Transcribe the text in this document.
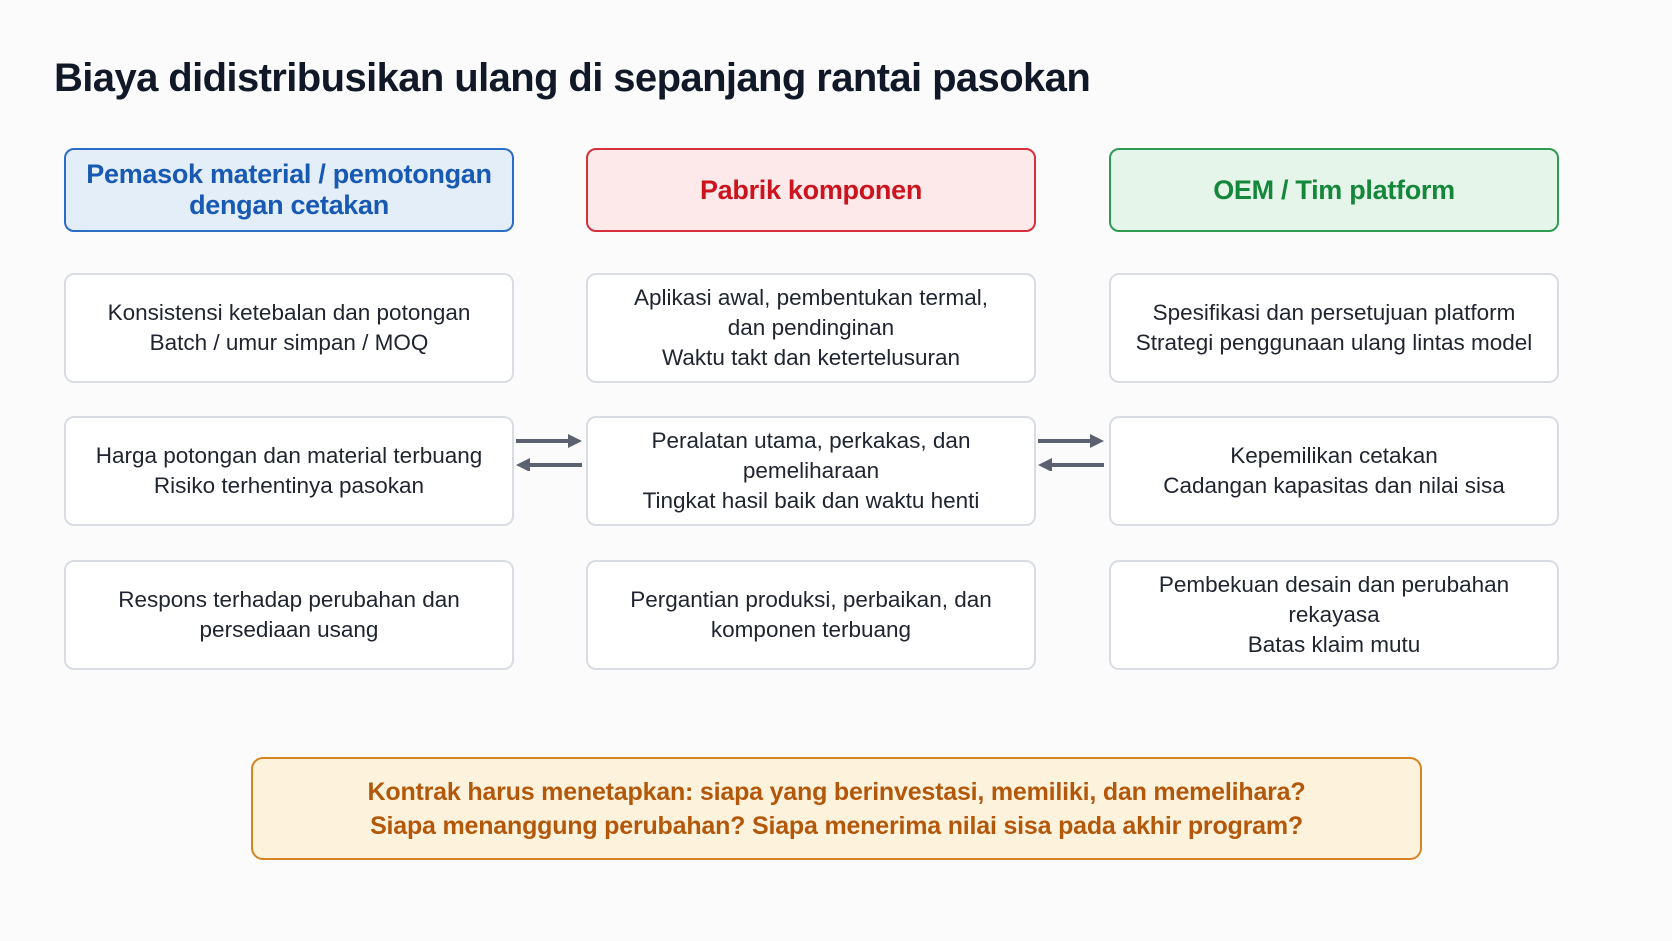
Biaya didistribusikan ulang di sepanjang rantai pasokan
Pemasok material / pemotongan
dengan cetakan
Pabrik komponen	OEM / Tim platform
Konsistensi ketebalan dan potongan
Batch / umur simpan / MOQ
Harga potongan dan material terbuang
Risiko terhentinya pasokan
Respons terhadap perubahan dan
persediaan usang
Aplikasi awal, pembentukan termal,
dan pendinginan
Waktu takt dan ketertelusuran
Peralatan utama, perkakas, dan
pemeliharaan
Tingkat hasil baik dan waktu henti
Pergantian produksi, perbaikan, dan
komponen terbuang
Spesifikasi dan persetujuan platform
Strategi penggunaan ulang lintas model
Kepemilikan cetakan
Cadangan kapasitas dan nilai sisa
Pembekuan desain dan perubahan
rekayasa
Batas klaim mutu
Kontrak harus menetapkan: siapa yang berinvestasi, memiliki, dan memelihara?
Siapa menanggung perubahan? Siapa menerima nilai sisa pada akhir program?
